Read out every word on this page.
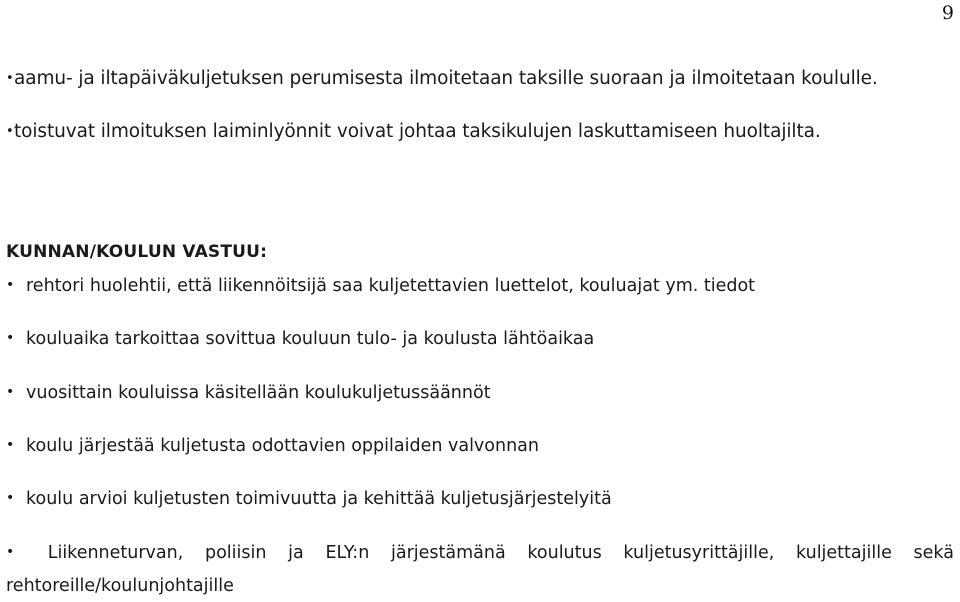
9
•aamu- ja iltapäiväkuljetuksen perumisesta ilmoitetaan taksille suoraan ja ilmoitetaan koululle.
•toistuvat ilmoituksen laiminlyönnit voivat johtaa taksikulujen laskuttamiseen huoltajilta.
KUNNAN/KOULUN VASTUU:
• rehtori huolehtii, että liikennöitsijä saa kuljetettavien luettelot, kouluajat ym. tiedot
• kouluaika tarkoittaa sovittua kouluun tulo- ja koulusta lähtöaikaa
• vuosittain kouluissa käsitellään koulukuljetussäännöt
• koulu järjestää kuljetusta odottavien oppilaiden valvonnan
• koulu arvioi kuljetusten toimivuutta ja kehittää kuljetusjärjestelyitä
• Liikenneturvan, poliisin ja ELY:n järjestämänä koulutus kuljetusyrittäjille, kuljettajille sekä
rehtoreille/koulunjohtajille
